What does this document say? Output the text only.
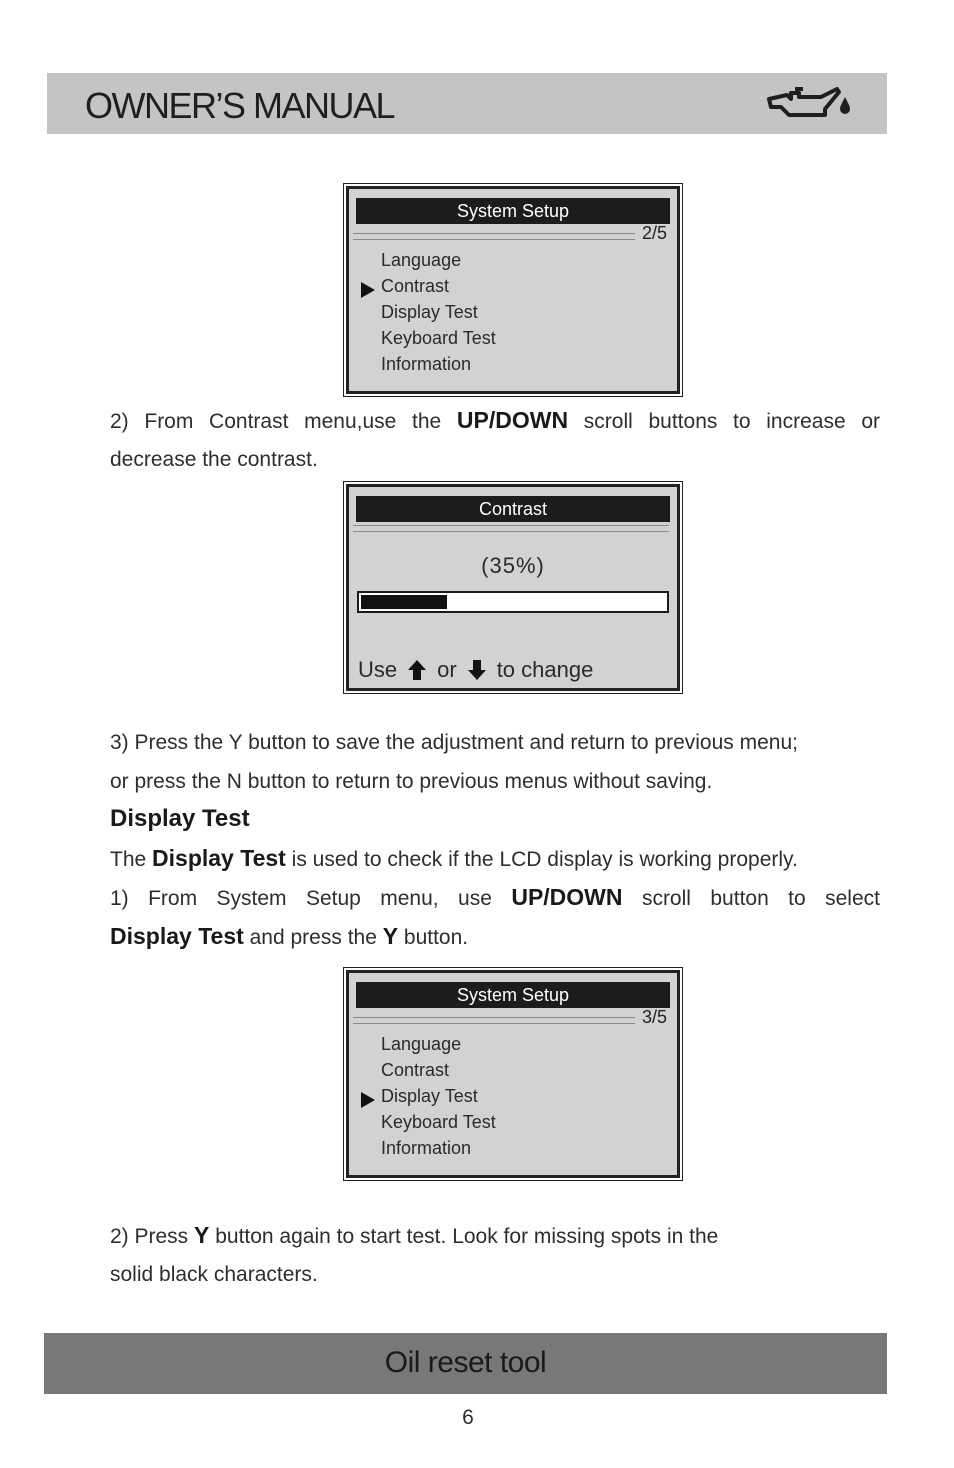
OWNER’S MANUAL
System Setup
2/5
Language
Contrast
Display Test
Keyboard Test
Information
2) From Contrast menu,use the UP/DOWN scroll buttons to increase or
decrease the contrast.
Contrast
(35%)
Use or to change
3) Press the Y button to save the adjustment and return to previous menu;
or press the N button to return to previous menus without saving.
Display Test
The Display Test is used to check if the LCD display is working properly.
1) From System Setup menu, use UP/DOWN scroll button to select
Display Test and press the Y button.
System Setup
3/5
Language
Contrast
Display Test
Keyboard Test
Information
2) Press Y button again to start test. Look for missing spots in the
solid black characters.
Oil reset tool
6
